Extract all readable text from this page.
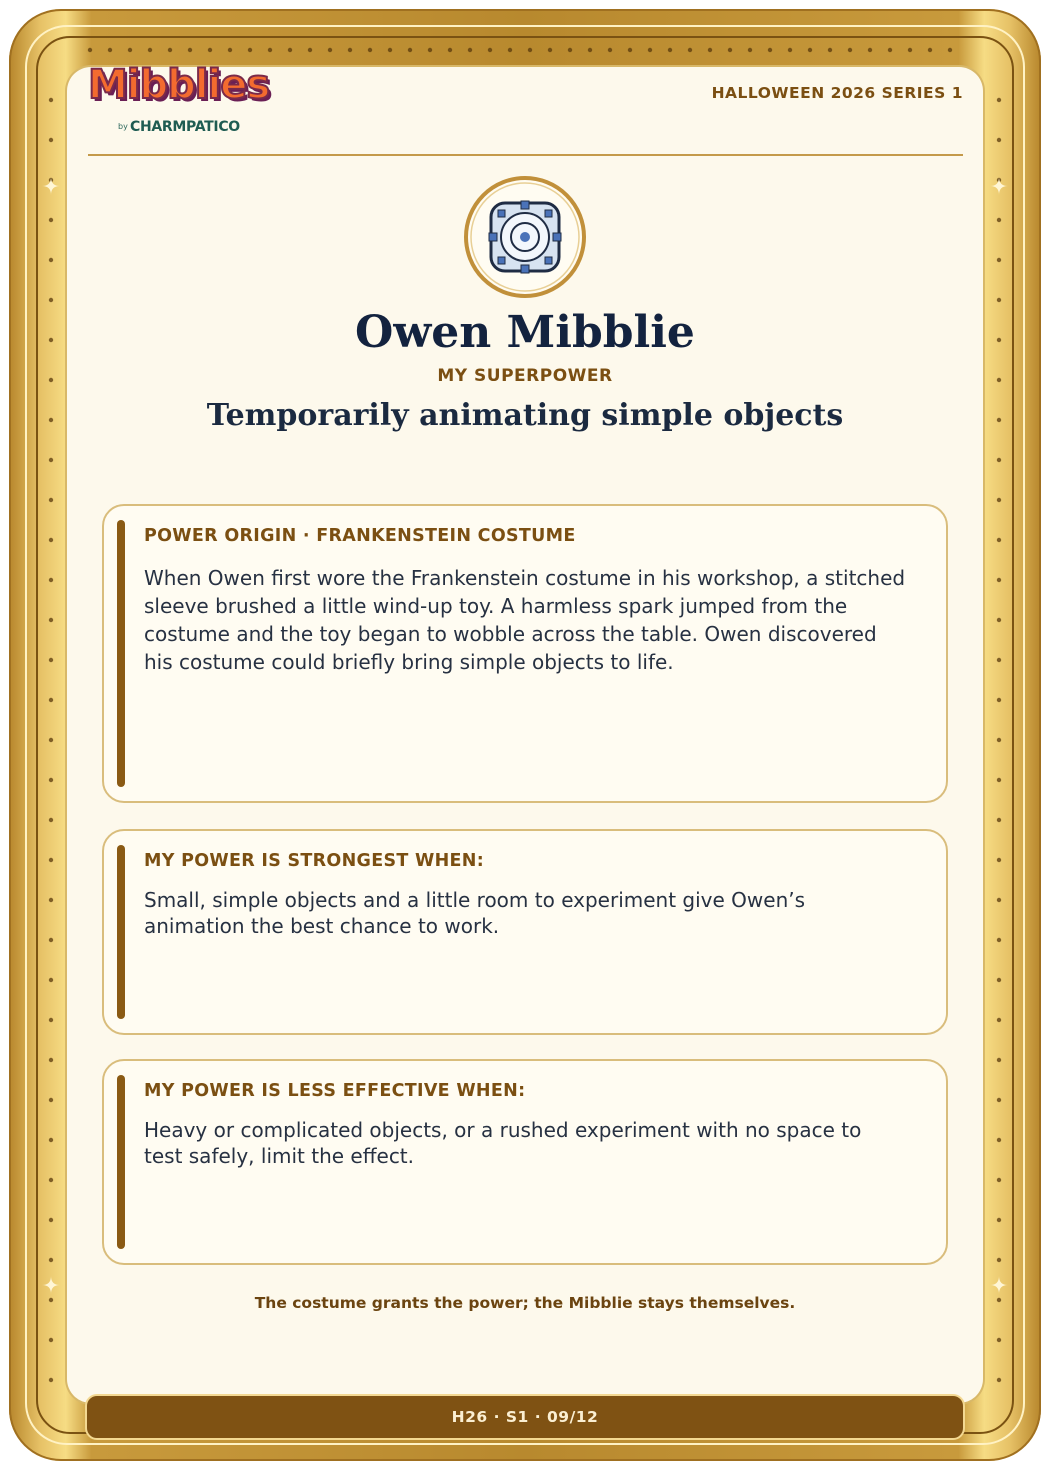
Mibblies
by CHARMPATICO
HALLOWEEN 2026 SERIES 1
Owen Mibblie
MY SUPERPOWER
Temporarily animating simple objects
POWER ORIGIN · FRANKENSTEIN COSTUME
When Owen first wore the Frankenstein costume in his workshop, a stitched sleeve brushed a little wind-up toy. A harmless spark jumped from the costume and the toy began to wobble across the table. Owen discovered his costume could briefly bring simple objects to life.
MY POWER IS STRONGEST WHEN:
Small, simple objects and a little room to experiment give Owen’s animation the best chance to work.
MY POWER IS LESS EFFECTIVE WHEN:
Heavy or complicated objects, or a rushed experiment with no space to test safely, limit the effect.
The costume grants the power; the Mibblie stays themselves.
H26 · S1 · 09/12
